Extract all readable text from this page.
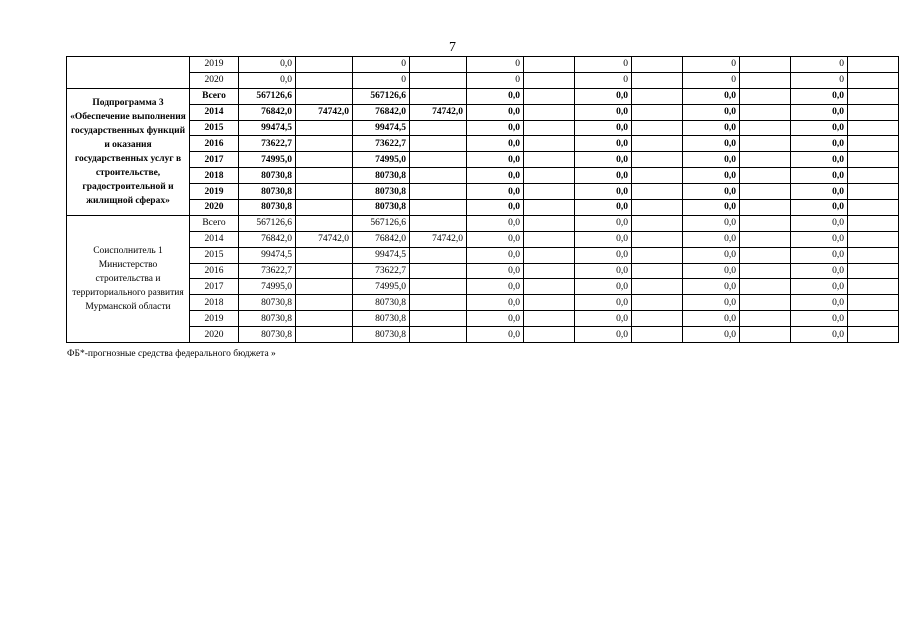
7
	2019	0,0		0		0		0		0		0	
	2020	0,0		0		0		0		0		0	
Подпрограмма 3 «Обеспечение выполнения государственных функций и оказания государственных услуг в строительстве, градостроительной и жилищной сферах»	Всего	567126,6		567126,6		0,0		0,0		0,0		0,0	
	2014	76842,0	74742,0	76842,0	74742,0	0,0		0,0		0,0		0,0	
	2015	99474,5		99474,5		0,0		0,0		0,0		0,0	
	2016	73622,7		73622,7		0,0		0,0		0,0		0,0	
	2017	74995,0		74995,0		0,0		0,0		0,0		0,0	
	2018	80730,8		80730,8		0,0		0,0		0,0		0,0	
	2019	80730,8		80730,8		0,0		0,0		0,0		0,0	
	2020	80730,8		80730,8		0,0		0,0		0,0		0,0	
Соисполнитель 1 Министерство строительства и территориального развития Мурманской области	Всего	567126,6		567126,6		0,0		0,0		0,0		0,0	
	2014	76842,0	74742,0	76842,0	74742,0	0,0		0,0		0,0		0,0	
	2015	99474,5		99474,5		0,0		0,0		0,0		0,0	
	2016	73622,7		73622,7		0,0		0,0		0,0		0,0	
	2017	74995,0		74995,0		0,0		0,0		0,0		0,0	
	2018	80730,8		80730,8		0,0		0,0		0,0		0,0	
	2019	80730,8		80730,8		0,0		0,0		0,0		0,0	
	2020	80730,8		80730,8		0,0		0,0		0,0		0,0	
ФБ*-прогнозные средства федерального бюджета »
